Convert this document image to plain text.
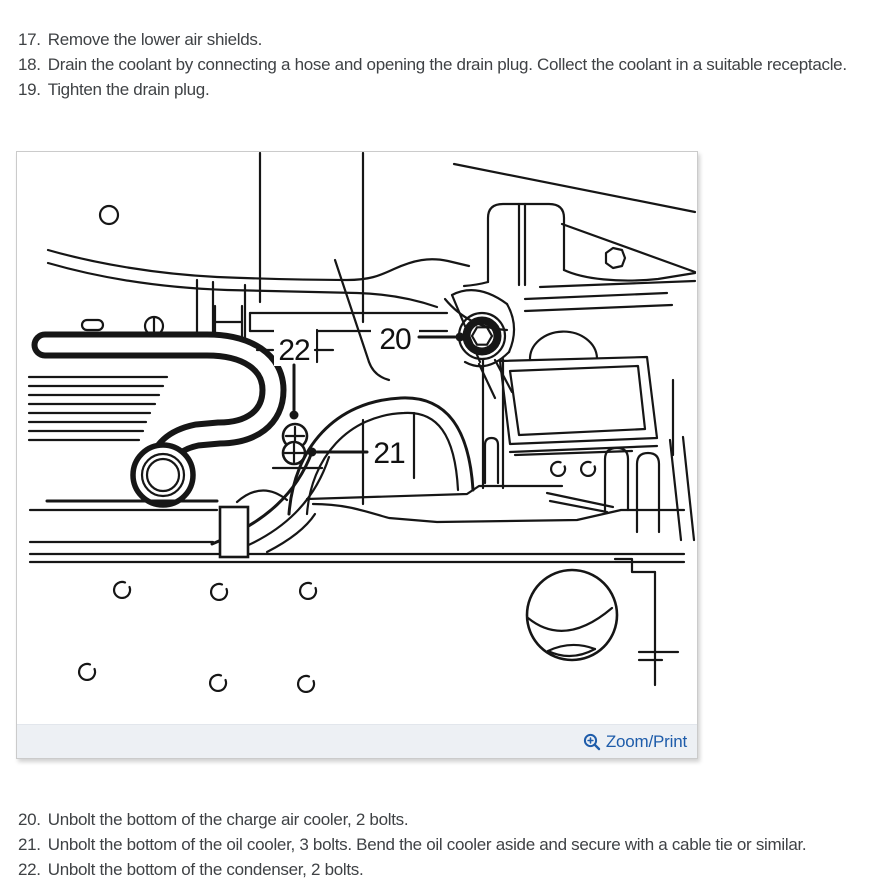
17. Remove the lower air shields.
18. Drain the coolant by connecting a hose and opening the drain plug. Collect the coolant in a suitable receptacle.
19. Tighten the drain plug.
22
21
20
Zoom/Print
20. Unbolt the bottom of the charge air cooler, 2 bolts.
21. Unbolt the bottom of the oil cooler, 3 bolts. Bend the oil cooler aside and secure with a cable tie or similar.
22. Unbolt the bottom of the condenser, 2 bolts.
